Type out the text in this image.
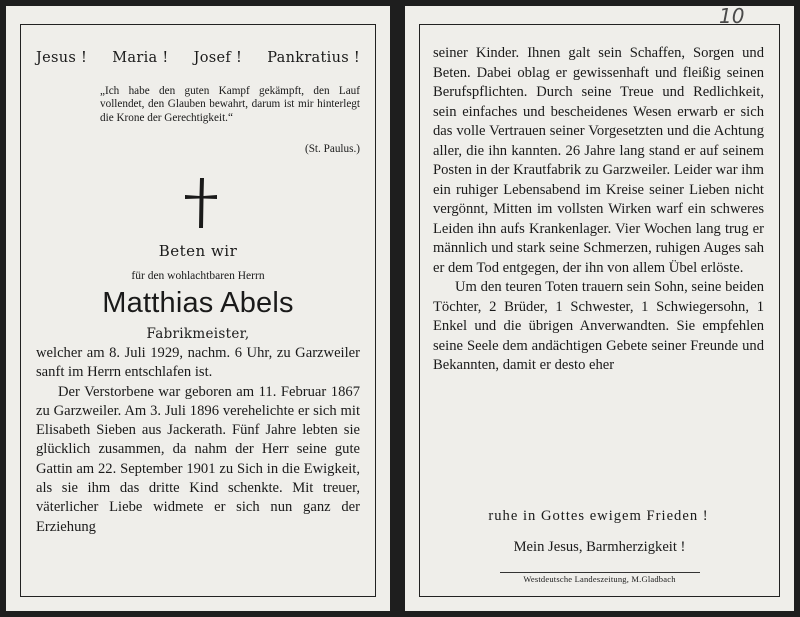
Jesus ! Maria ! Josef ! Pankratius !
„Ich habe den guten Kampf gekämpft, den Lauf vollendet, den Glauben bewahrt, darum ist mir hinterlegt die Krone der Gerechtigkeit.“
(St. Paulus.)
Beten wir
für den wohlachtbaren Herrn
Matthias Abels
Fabrikmeister,

welcher am 8. Juli 1929, nachm. 6 Uhr, zu Garzweiler sanft im Herrn entschlafen ist.

Der Verstorbene war geboren am 11. Februar 1867 zu Garzweiler. Am 3. Juli 1896 verehelichte er sich mit Elisabeth Sieben aus Jackerath. Fünf Jahre lebten sie glücklich zusammen, da nahm der Herr seine gute Gattin am 22. September 1901 zu Sich in die Ewigkeit, als sie ihm das dritte Kind schenkte. Mit treuer, väterlicher Liebe widmete er sich nun ganz der Erziehung

10

seiner Kinder. Ihnen galt sein Schaffen, Sorgen und Beten. Dabei oblag er gewissenhaft und fleißig seinen Berufspflichten. Durch seine Treue und Redlichkeit, sein einfaches und bescheidenes Wesen erwarb er sich das volle Vertrauen seiner Vorgesetzten und die Achtung aller, die ihn kannten. 26 Jahre lang stand er auf seinem Posten in der Krautfabrik zu Garzweiler. Leider war ihm ein ruhiger Lebensabend im Kreise seiner Lieben nicht vergönnt, Mitten im vollsten Wirken warf ein schweres Leiden ihn aufs Krankenlager. Vier Wochen lang trug er männlich und stark seine Schmerzen, ruhigen Auges sah er dem Tod entgegen, der ihn von allem Übel erlöste.

Um den teuren Toten trauern sein Sohn, seine beiden Töchter, 2 Brüder, 1 Schwester, 1 Schwiegersohn, 1 Enkel und die übrigen Anverwandten. Sie empfehlen seine Seele dem andächtigen Gebete seiner Freunde und Bekannten, damit er desto eher

ruhe in Gottes ewigem Frieden !
Mein Jesus, Barmherzigkeit !
Westdeutsche Landeszeitung, M.Gladbach
